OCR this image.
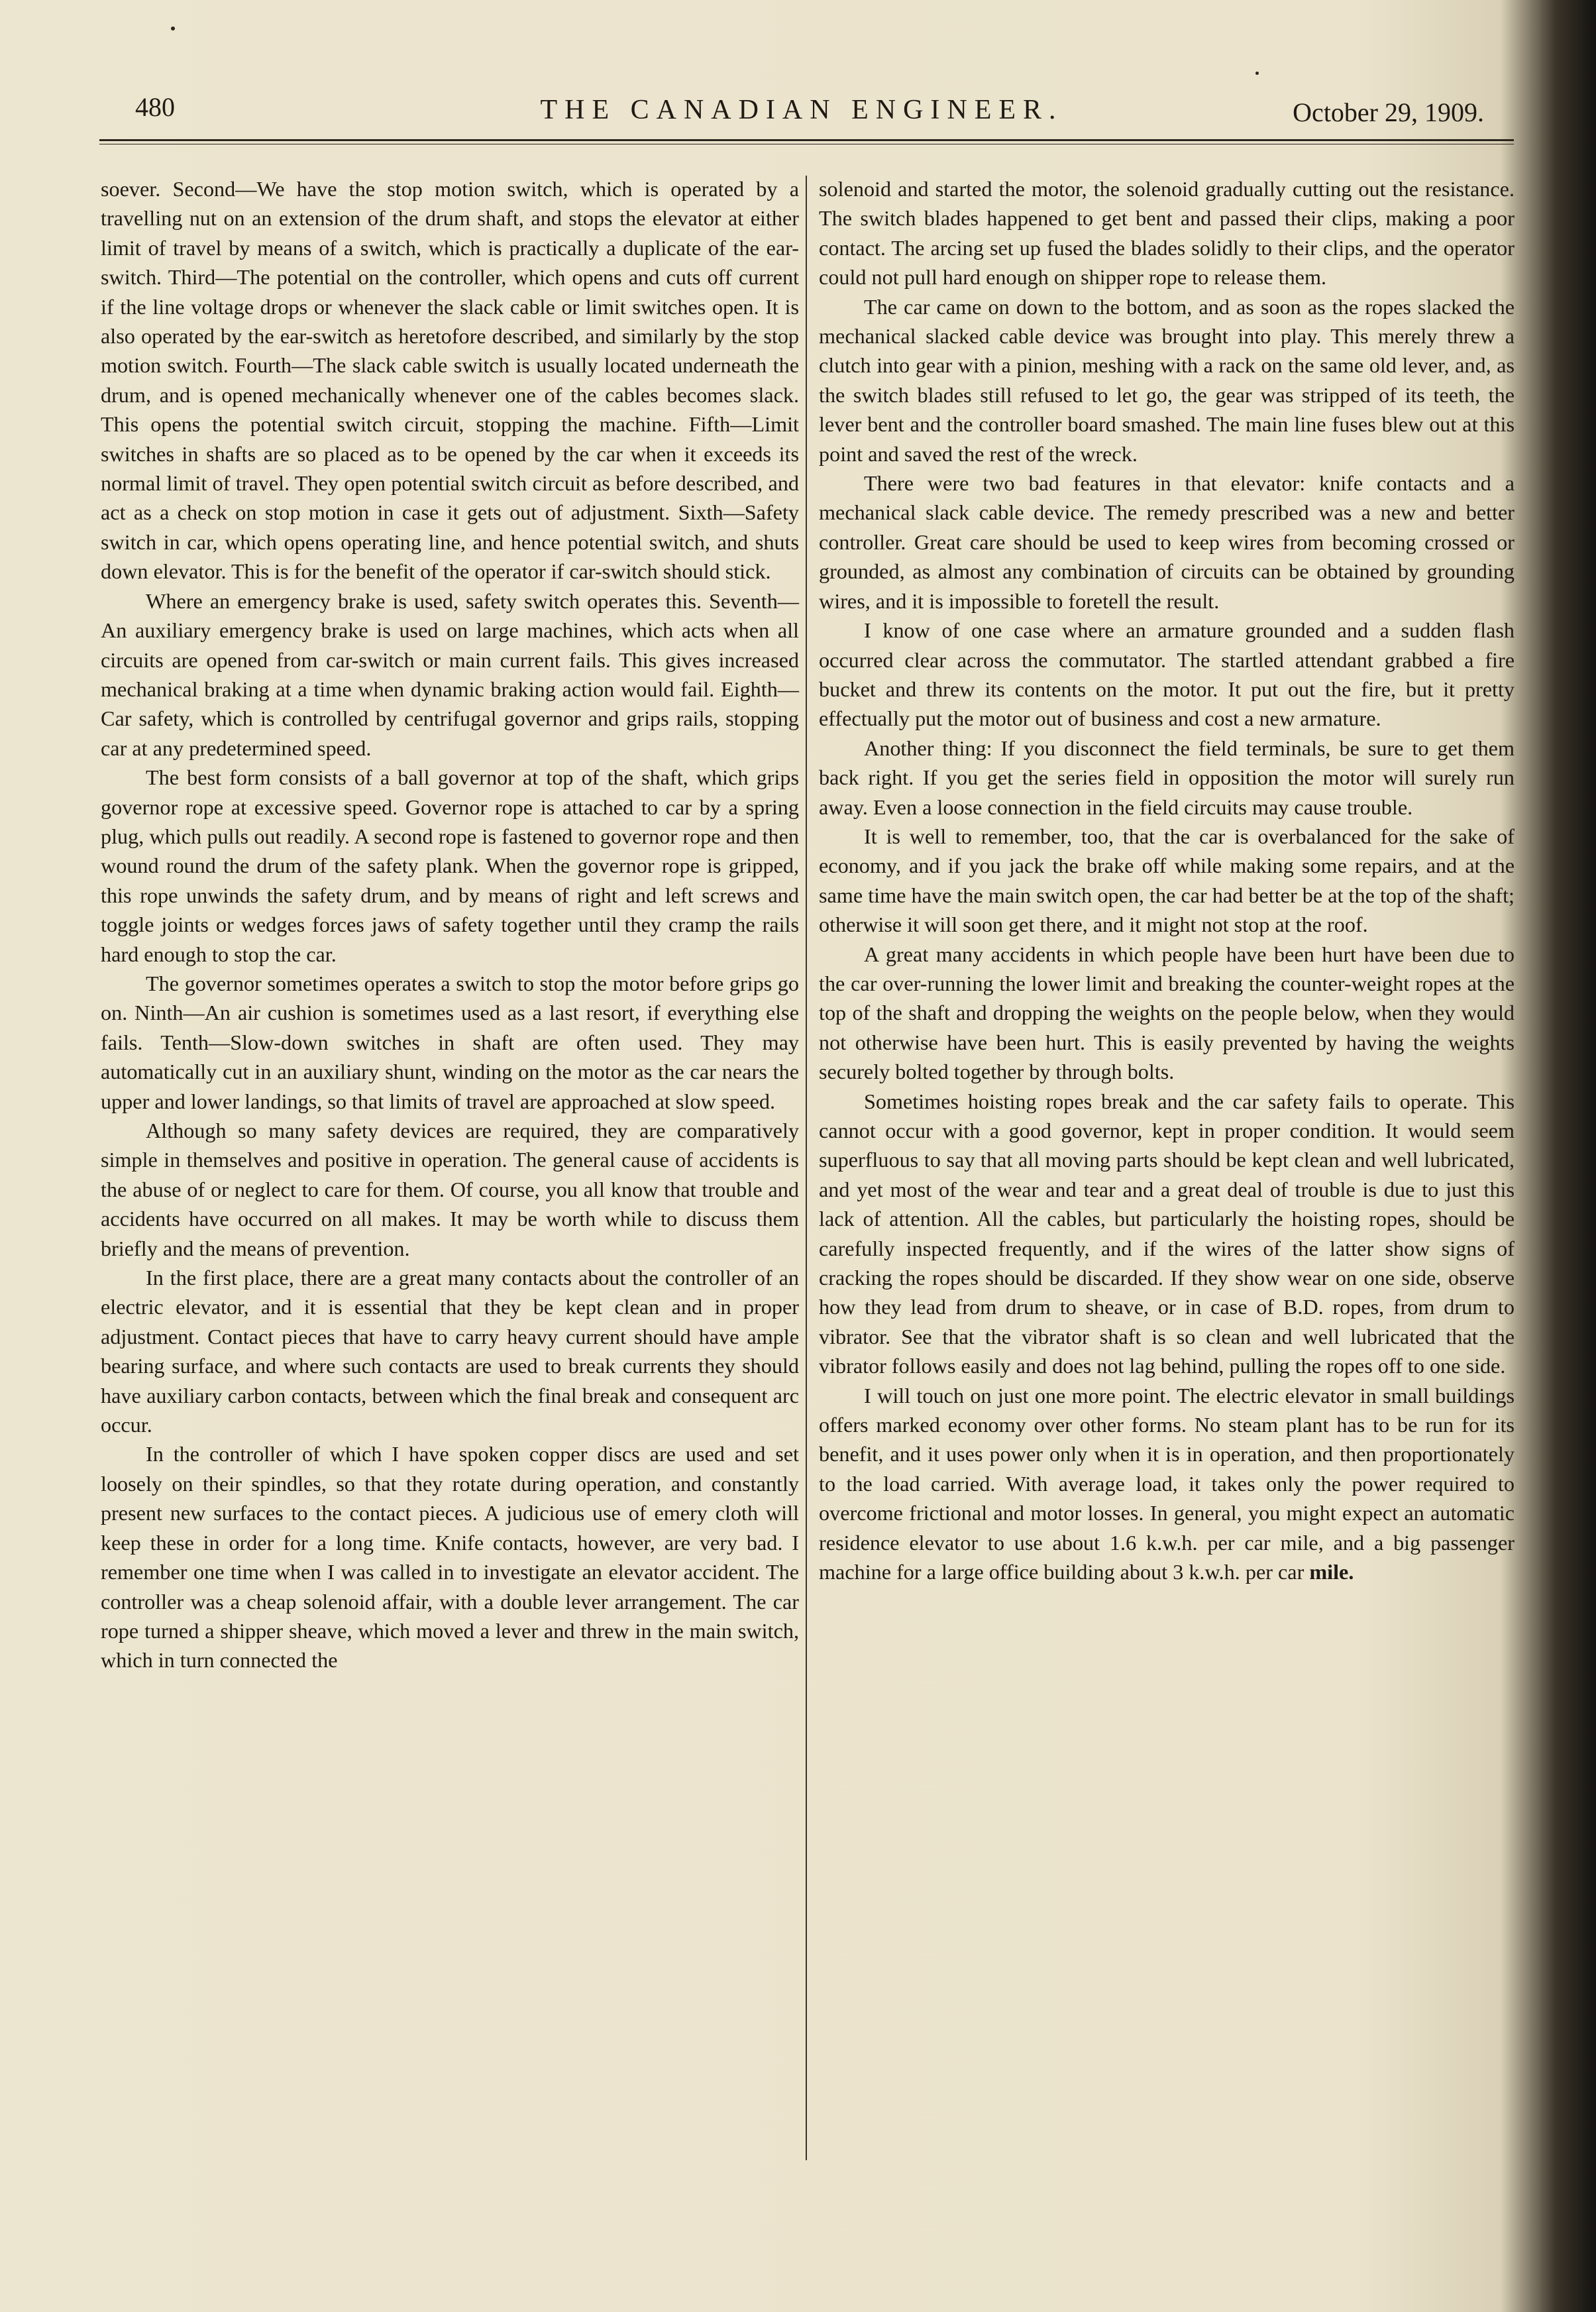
480	THE CANADIAN ENGINEER.	October 29, 1909.

soever. Second—We have the stop motion switch, which is operated by a travelling nut on an extension of the drum shaft, and stops the elevator at either limit of travel by means of a switch, which is practically a duplicate of the ear-switch. Third—The potential on the controller, which opens and cuts off current if the line voltage drops or whenever the slack cable or limit switches open. It is also operated by the ear-switch as heretofore described, and similarly by the stop motion switch. Fourth—The slack cable switch is usually located underneath the drum, and is opened mechanically whenever one of the cables becomes slack. This opens the potential switch circuit, stopping the machine. Fifth—Limit switches in shafts are so placed as to be opened by the car when it exceeds its normal limit of travel. They open potential switch circuit as before described, and act as a check on stop motion in case it gets out of adjustment. Sixth—Safety switch in car, which opens operating line, and hence potential switch, and shuts down elevator. This is for the benefit of the operator if car-switch should stick.

Where an emergency brake is used, safety switch operates this. Seventh—An auxiliary emergency brake is used on large machines, which acts when all circuits are opened from car-switch or main current fails. This gives increased mechanical braking at a time when dynamic braking action would fail. Eighth—Car safety, which is controlled by centrifugal governor and grips rails, stopping car at any predetermined speed.

The best form consists of a ball governor at top of the shaft, which grips governor rope at excessive speed. Governor rope is attached to car by a spring plug, which pulls out readily. A second rope is fastened to governor rope and then wound round the drum of the safety plank. When the governor rope is gripped, this rope unwinds the safety drum, and by means of right and left screws and toggle joints or wedges forces jaws of safety together until they cramp the rails hard enough to stop the car.

The governor sometimes operates a switch to stop the motor before grips go on. Ninth—An air cushion is sometimes used as a last resort, if everything else fails. Tenth—Slow-down switches in shaft are often used. They may automatically cut in an auxiliary shunt, winding on the motor as the car nears the upper and lower landings, so that limits of travel are approached at slow speed.

Although so many safety devices are required, they are comparatively simple in themselves and positive in operation. The general cause of accidents is the abuse of or neglect to care for them. Of course, you all know that trouble and accidents have occurred on all makes. It may be worth while to discuss them briefly and the means of prevention.

In the first place, there are a great many contacts about the controller of an electric elevator, and it is essential that they be kept clean and in proper adjustment. Contact pieces that have to carry heavy current should have ample bearing surface, and where such contacts are used to break currents they should have auxiliary carbon contacts, between which the final break and consequent arc occur.

In the controller of which I have spoken copper discs are used and set loosely on their spindles, so that they rotate during operation, and constantly present new surfaces to the contact pieces. A judicious use of emery cloth will keep these in order for a long time. Knife contacts, however, are very bad. I remember one time when I was called in to investigate an elevator accident. The controller was a cheap solenoid affair, with a double lever arrangement. The car rope turned a shipper sheave, which moved a lever and threw in the main switch, which in turn connected the

solenoid and started the motor, the solenoid gradually cutting out the resistance. The switch blades happened to get bent and passed their clips, making a poor contact. The arcing set up fused the blades solidly to their clips, and the operator could not pull hard enough on shipper rope to release them.

The car came on down to the bottom, and as soon as the ropes slacked the mechanical slacked cable device was brought into play. This merely threw a clutch into gear with a pinion, meshing with a rack on the same old lever, and, as the switch blades still refused to let go, the gear was stripped of its teeth, the lever bent and the controller board smashed. The main line fuses blew out at this point and saved the rest of the wreck.

There were two bad features in that elevator: knife contacts and a mechanical slack cable device. The remedy prescribed was a new and better controller. Great care should be used to keep wires from becoming crossed or grounded, as almost any combination of circuits can be obtained by grounding wires, and it is impossible to foretell the result.

I know of one case where an armature grounded and a sudden flash occurred clear across the commutator. The startled attendant grabbed a fire bucket and threw its contents on the motor. It put out the fire, but it pretty effectually put the motor out of business and cost a new armature.

Another thing: If you disconnect the field terminals, be sure to get them back right. If you get the series field in opposition the motor will surely run away. Even a loose connection in the field circuits may cause trouble.

It is well to remember, too, that the car is overbalanced for the sake of economy, and if you jack the brake off while making some repairs, and at the same time have the main switch open, the car had better be at the top of the shaft; otherwise it will soon get there, and it might not stop at the roof.

A great many accidents in which people have been hurt have been due to the car over-running the lower limit and breaking the counter-weight ropes at the top of the shaft and dropping the weights on the people below, when they would not otherwise have been hurt. This is easily prevented by having the weights securely bolted together by through bolts.

Sometimes hoisting ropes break and the car safety fails to operate. This cannot occur with a good governor, kept in proper condition. It would seem superfluous to say that all moving parts should be kept clean and well lubricated, and yet most of the wear and tear and a great deal of trouble is due to just this lack of attention. All the cables, but particularly the hoisting ropes, should be carefully inspected frequently, and if the wires of the latter show signs of cracking the ropes should be discarded. If they show wear on one side, observe how they lead from drum to sheave, or in case of B.D. ropes, from drum to vibrator. See that the vibrator shaft is so clean and well lubricated that the vibrator follows easily and does not lag behind, pulling the ropes off to one side.

I will touch on just one more point. The electric elevator in small buildings offers marked economy over other forms. No steam plant has to be run for its benefit, and it uses power only when it is in operation, and then proportionately to the load carried. With average load, it takes only the power required to overcome frictional and motor losses. In general, you might expect an automatic residence elevator to use about 1.6 k.w.h. per car mile, and a big passenger machine for a large office building about 3 k.w.h. per car mile.
